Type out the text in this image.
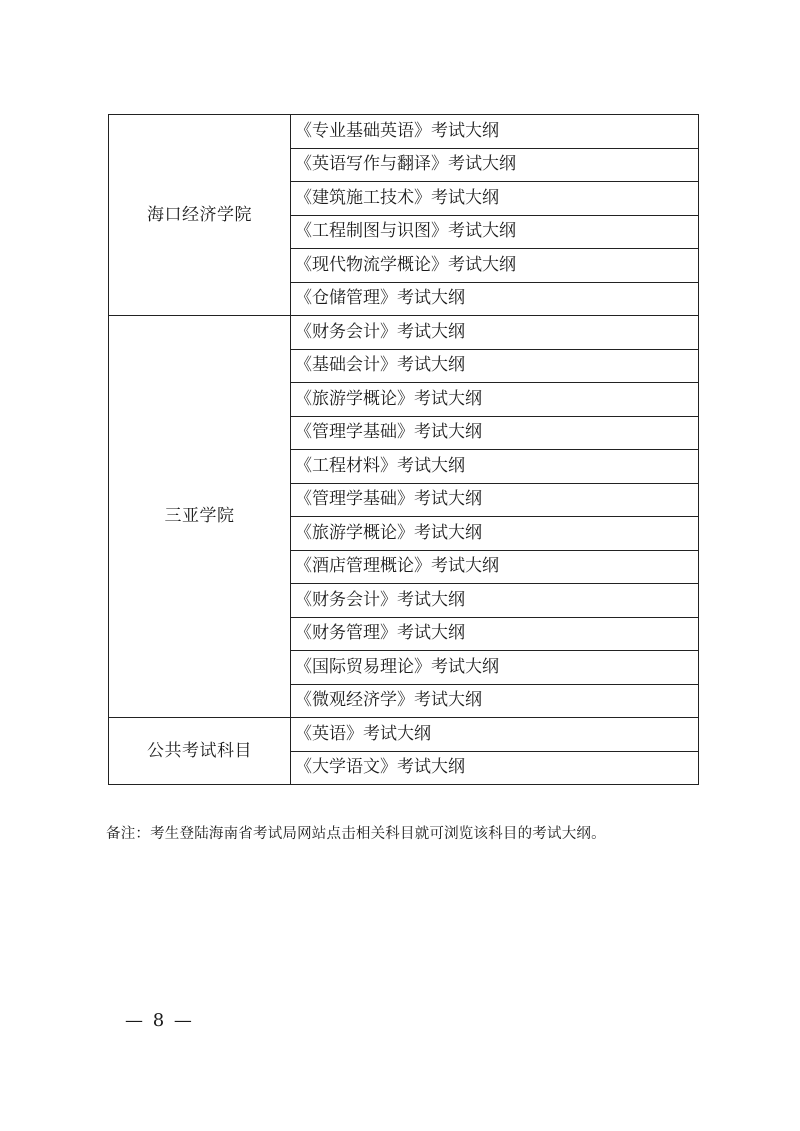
海口经济学院	《专业基础英语》考试大纲
	《英语写作与翻译》考试大纲
	《建筑施工技术》考试大纲
	《工程制图与识图》考试大纲
	《现代物流学概论》考试大纲
	《仓储管理》考试大纲
三亚学院	《财务会计》考试大纲
	《基础会计》考试大纲
	《旅游学概论》考试大纲
	《管理学基础》考试大纲
	《工程材料》考试大纲
	《管理学基础》考试大纲
	《旅游学概论》考试大纲
	《酒店管理概论》考试大纲
	《财务会计》考试大纲
	《财务管理》考试大纲
	《国际贸易理论》考试大纲
	《微观经济学》考试大纲
公共考试科目	《英语》考试大纲
	《大学语文》考试大纲
备注：考生登陆海南省考试局网站点击相关科目就可浏览该科目的考试大纲。
— 8 —
